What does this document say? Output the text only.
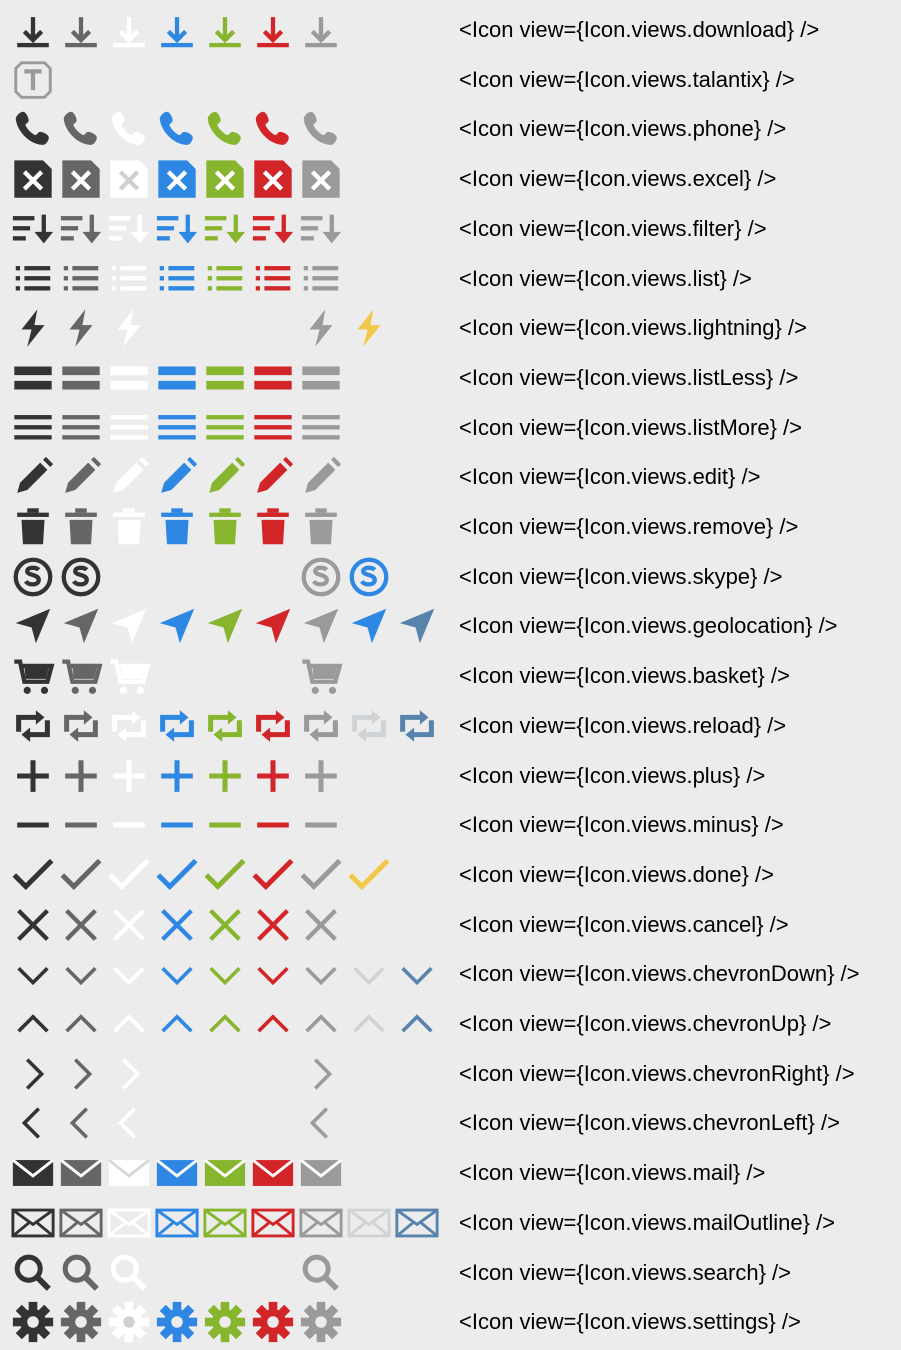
<Icon view={Icon.views.download} />
<Icon view={Icon.views.talantix} />
<Icon view={Icon.views.phone} />
<Icon view={Icon.views.excel} />
<Icon view={Icon.views.filter} />
<Icon view={Icon.views.list} />
<Icon view={Icon.views.lightning} />
<Icon view={Icon.views.listLess} />
<Icon view={Icon.views.listMore} />
<Icon view={Icon.views.edit} />
<Icon view={Icon.views.remove} />
<Icon view={Icon.views.skype} />
<Icon view={Icon.views.geolocation} />
<Icon view={Icon.views.basket} />
<Icon view={Icon.views.reload} />
<Icon view={Icon.views.plus} />
<Icon view={Icon.views.minus} />
<Icon view={Icon.views.done} />
<Icon view={Icon.views.cancel} />
<Icon view={Icon.views.chevronDown} />
<Icon view={Icon.views.chevronUp} />
<Icon view={Icon.views.chevronRight} />
<Icon view={Icon.views.chevronLeft} />
<Icon view={Icon.views.mail} />
<Icon view={Icon.views.mailOutline} />
<Icon view={Icon.views.search} />
<Icon view={Icon.views.settings} />
